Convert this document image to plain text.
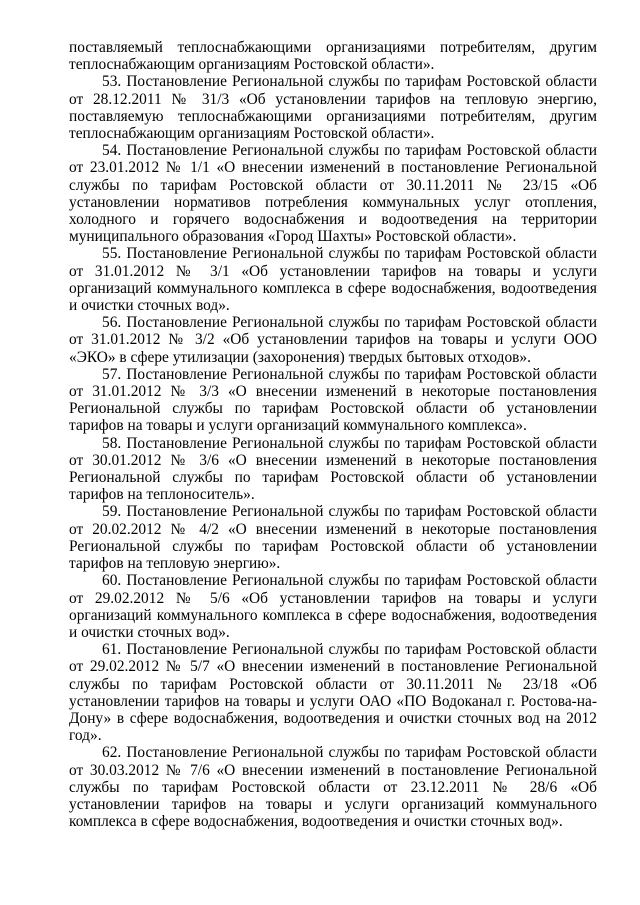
поставляемый теплоснабжающими организациями потребителям, другим теплоснабжающим организациям Ростовской области».

53. Постановление Региональной службы по тарифам Ростовской области от 28.12.2011 № 31/3 «Об установлении тарифов на тепловую энергию, поставляемую теплоснабжающими организациями потребителям, другим теплоснабжающим организациям Ростовской области».

54. Постановление Региональной службы по тарифам Ростовской области от 23.01.2012 № 1/1 «О внесении изменений в постановление Региональной службы по тарифам Ростовской области от 30.11.2011 № 23/15 «Об установлении нормативов потребления коммунальных услуг отопления, холодного и горячего водоснабжения и водоотведения на территории муниципального образования «Город Шахты» Ростовской области».

55. Постановление Региональной службы по тарифам Ростовской области от 31.01.2012 № 3/1 «Об установлении тарифов на товары и услуги организаций коммунального комплекса в сфере водоснабжения, водоотведения и очистки сточных вод».

56. Постановление Региональной службы по тарифам Ростовской области от 31.01.2012 № 3/2 «Об установлении тарифов на товары и услуги ООО «ЭКО» в сфере утилизации (захоронения) твердых бытовых отходов».

57. Постановление Региональной службы по тарифам Ростовской области от 31.01.2012 № 3/3 «О внесении изменений в некоторые постановления Региональной службы по тарифам Ростовской области об установлении тарифов на товары и услуги организаций коммунального комплекса».

58. Постановление Региональной службы по тарифам Ростовской области от 30.01.2012 № 3/6 «О внесении изменений в некоторые постановления Региональной службы по тарифам Ростовской области об установлении тарифов на теплоноситель».

59. Постановление Региональной службы по тарифам Ростовской области от 20.02.2012 № 4/2 «О внесении изменений в некоторые постановления Региональной службы по тарифам Ростовской области об установлении тарифов на тепловую энергию».

60. Постановление Региональной службы по тарифам Ростовской области от 29.02.2012 № 5/6 «Об установлении тарифов на товары и услуги организаций коммунального комплекса в сфере водоснабжения, водоотведения и очистки сточных вод».

61. Постановление Региональной службы по тарифам Ростовской области от 29.02.2012 № 5/7 «О внесении изменений в постановление Региональной службы по тарифам Ростовской области от 30.11.2011 № 23/18 «Об установлении тарифов на товары и услуги ОАО «ПО Водоканал г. Ростова-на-Дону» в сфере водоснабжения, водоотведения и очистки сточных вод на 2012 год».

62. Постановление Региональной службы по тарифам Ростовской области от 30.03.2012 № 7/6 «О внесении изменений в постановление Региональной службы по тарифам Ростовской области от 23.12.2011 № 28/6 «Об установлении тарифов на товары и услуги организаций коммунального комплекса в сфере водоснабжения, водоотведения и очистки сточных вод».
